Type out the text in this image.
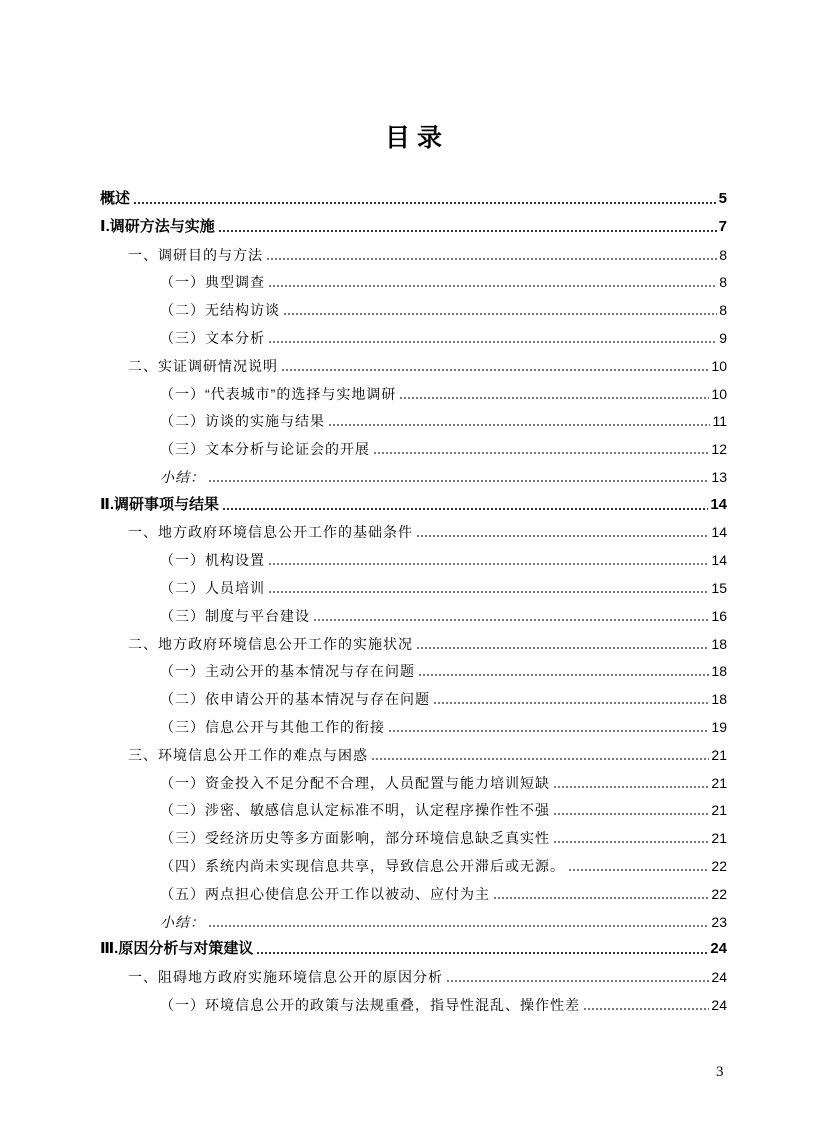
目 录
概述	5
Ⅰ.调研方法与实施	7
一、调研目的与方法	8
（一）典型调查	8
（二）无结构访谈	8
（三）文本分析	9
二、实证调研情况说明	10
（一）“代表城市”的选择与实地调研	10
（二）访谈的实施与结果	11
（三）文本分析与论证会的开展	12
小结：	13
Ⅱ.调研事项与结果	14
一、地方政府环境信息公开工作的基础条件	14
（一）机构设置	14
（二）人员培训	15
（三）制度与平台建设	16
二、地方政府环境信息公开工作的实施状况	18
（一）主动公开的基本情况与存在问题	18
（二）依申请公开的基本情况与存在问题	18
（三）信息公开与其他工作的衔接	19
三、环境信息公开工作的难点与困惑	21
（一）资金投入不足分配不合理，人员配置与能力培训短缺	21
（二）涉密、敏感信息认定标准不明，认定程序操作性不强	21
（三）受经济历史等多方面影响，部分环境信息缺乏真实性	21
（四）系统内尚未实现信息共享，导致信息公开滞后或无源。	22
（五）两点担心使信息公开工作以被动、应付为主	22
小结：	23
Ⅲ.原因分析与对策建议	24
一、阻碍地方政府实施环境信息公开的原因分析	24
（一）环境信息公开的政策与法规重叠，指导性混乱、操作性差	24
3
